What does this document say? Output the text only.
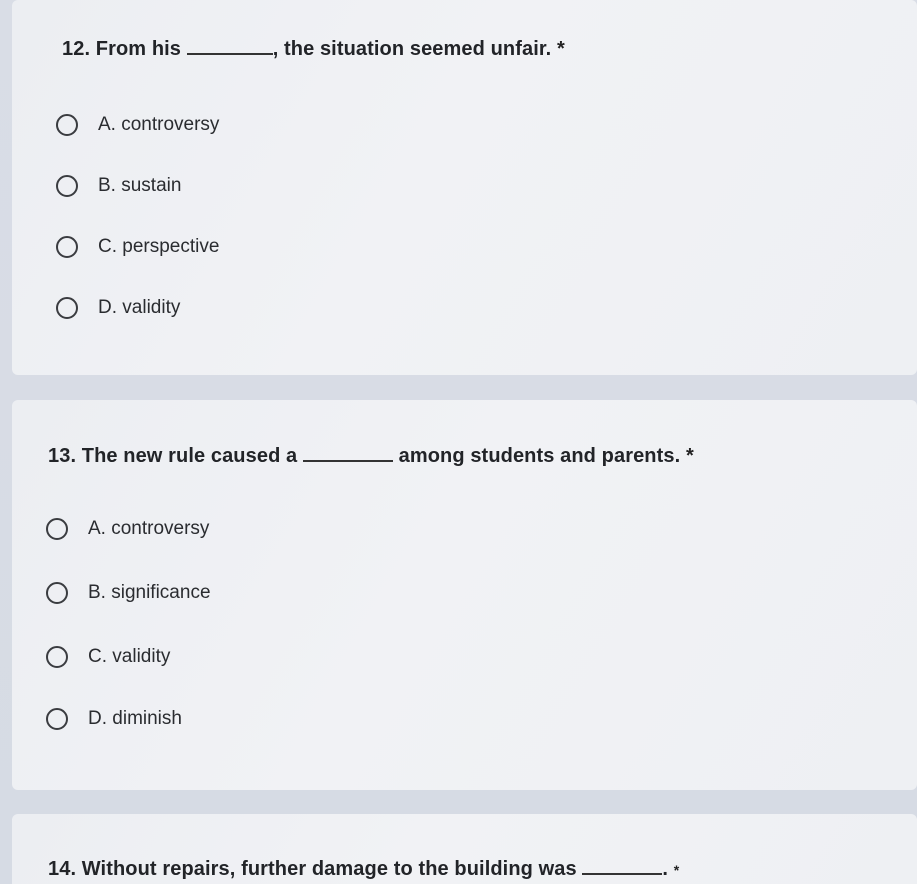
12. From his	, the situation seemed unfair. *
A. controversy
B. sustain
C. perspective
D. validity
13. The new rule caused a	among students and parents. *
A. controversy
B. significance
C. validity
D. diminish
14. Without repairs, further damage to the building was	. *
